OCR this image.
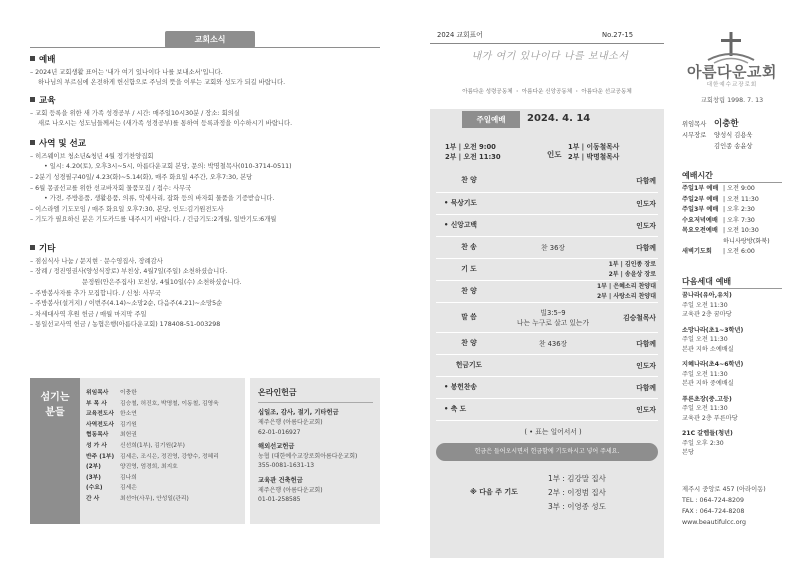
교회소식
예배
– 2024년 교회생활 표어는 '내가 여기 있나이다 나를 보내소서'입니다.
하나님의 부르심에 온전하게 헌신함으로 주님의 뜻을 이루는 교회와 성도가 되길 바랍니다.
교육
– 교회 등록을 위한 새 가족 성경공부 / 시간: 매주일10시30분 / 장소: 회의실
새로 나오시는 성도님들께서는 (새가족 성경공부)를 통하여 등록과정을 이수하시기 바랍니다.
사역 및 선교
– 히즈웨이브 청소년&청년 4월 정기찬양집회
• 일시: 4.20(토), 오후3시~5시, 아름다운교회 본당, 문의: 박명철목사(010-3714-0511)
– 2분기 성경필구40일/ 4.23(화)~5.14(화), 매주 화요일 4주간, 오후7:30, 본당
– 6월 몽골선교를 위한 선교바자회 물품모집 / 접수: 사무국
• 가전, 주방용품, 생활용품, 의류, 악세사리, 잡화 등의 바자회 물품을 기증받습니다.
– 이스라엘 기도모임 / 매주 화요일 오후7:30, 본당, 인도:김기원전도사
– 기도가 필요하신 분은 기도카드를 내주시기 바랍니다. / 긴급기도:2개월, 일반기도:6개월
기타
– 점심식사 나눔 / 문지현 · 문수영집사, 장례감사
– 장례 / 정진영권사(양성식장로) 부친상, 4월7일(주일) 소천하셨습니다.
문정원(안은주집사) 모친상, 4월10일(수) 소천하셨습니다.
– 주방봉사자를 추가 모집합니다. / 신청: 사무국
– 주방봉사(설거지) / 이번주(4.14)~소망2순, 다음주(4.21)~소망5순
– 차세대사역 후원 헌금 / 매월 마지막 주일
– 통일선교사역 헌금 / 농협은행(아름다운교회) 178408-51-003298
섬기는
분들
위임목사	이충한
부 목 사	김승철, 허진호, 박명철, 이동철, 김영욱
교육전도사	한소연
사역전도사	김기원
협동목사	최헌권
성 가 사	신선희(1부), 김기원(2부)
반주 (1부)	김세은, 조시은, 정진영, 강향수, 정혜리
(2부)	양진영, 엄경희, 최지호
(3부)	김나희
(수요)	김세은
간 사	최선아(사무), 안성일(관리)
온라인헌금
십일조, 감사, 절기, 기타헌금
제주은행 (아름다운교회)
62-01-016927
해외선교헌금
농협 (대한예수교장로회아름다운교회)
355-0081-1631-13
교육관 건축헌금
제주은행 (아름다운교회)
01-01-258585
2024 교회표어	No.27-15
내가 여기 있나이다 나를 보내소서
아름다운 성령공동체 ・ 아름다운 신앙공동체 ・ 아름다운 선교공동체
주일예배	2024. 4. 14
1부 | 오전 9:00
2부 | 오전 11:30	인도
1부 | 이동철목사
2부 | 박명철목사
찬 양	다함께
• 묵상기도	인도자
• 신앙고백	인도자
찬 송	찬 36장	다함께
기 도
1부 | 김인종 장로
2부 | 송윤상 장로
찬 양
1부 | 은혜소리 찬양대
2부 | 사랑소리 찬양대
말 씀
빌3:5–9
나는 누구로 살고 있는가
김승철목사
찬 양	찬 436장	다함께
헌금기도	인도자
• 봉헌찬송	다함께
• 축 도	인도자
( • 표는 일어서서 )
헌금은 들어오시면서 헌금함에 기도하시고 넣어 주세요.
※ 다음 주 기도
1부 : 김강말 집사
2부 : 이정범 집사
3부 : 이영종 성도
아름다운교회
대한예수교장로회
교회창립 1998. 7. 13
위임목사 이충한
시무장로 양성식 김용욱
김인종 송윤상
예배시간
주일1부 예배 | 오전 9:00
주일2부 예배 | 오전 11:30
주일3부 예배 | 오후 2:30
수요저녁예배 | 오후 7:30
목요오전예배 | 오전 10:30
하니사랑방(화북)
새벽기도회 | 오전 6:00
다음세대 예배
꿈나라(유아,유치)
주일 오전 11:30
교육관 2층 꿈마당
소망나라(초1~3학년)
주일 오전 11:30
본관 지하 소예배실
지혜나라(초4~6학년)
주일 오전 11:30
본관 지하 중예배실
푸른초장(중.고등)
주일 오전 11:30
교육관 2층 푸른마당
21C 갈렙들(청년)
주일 오후 2:30
본당
제주시 중앙로 457 (아라이동)
TEL : 064-724-8209
FAX : 064-724-8208
www.beautifulcc.org
